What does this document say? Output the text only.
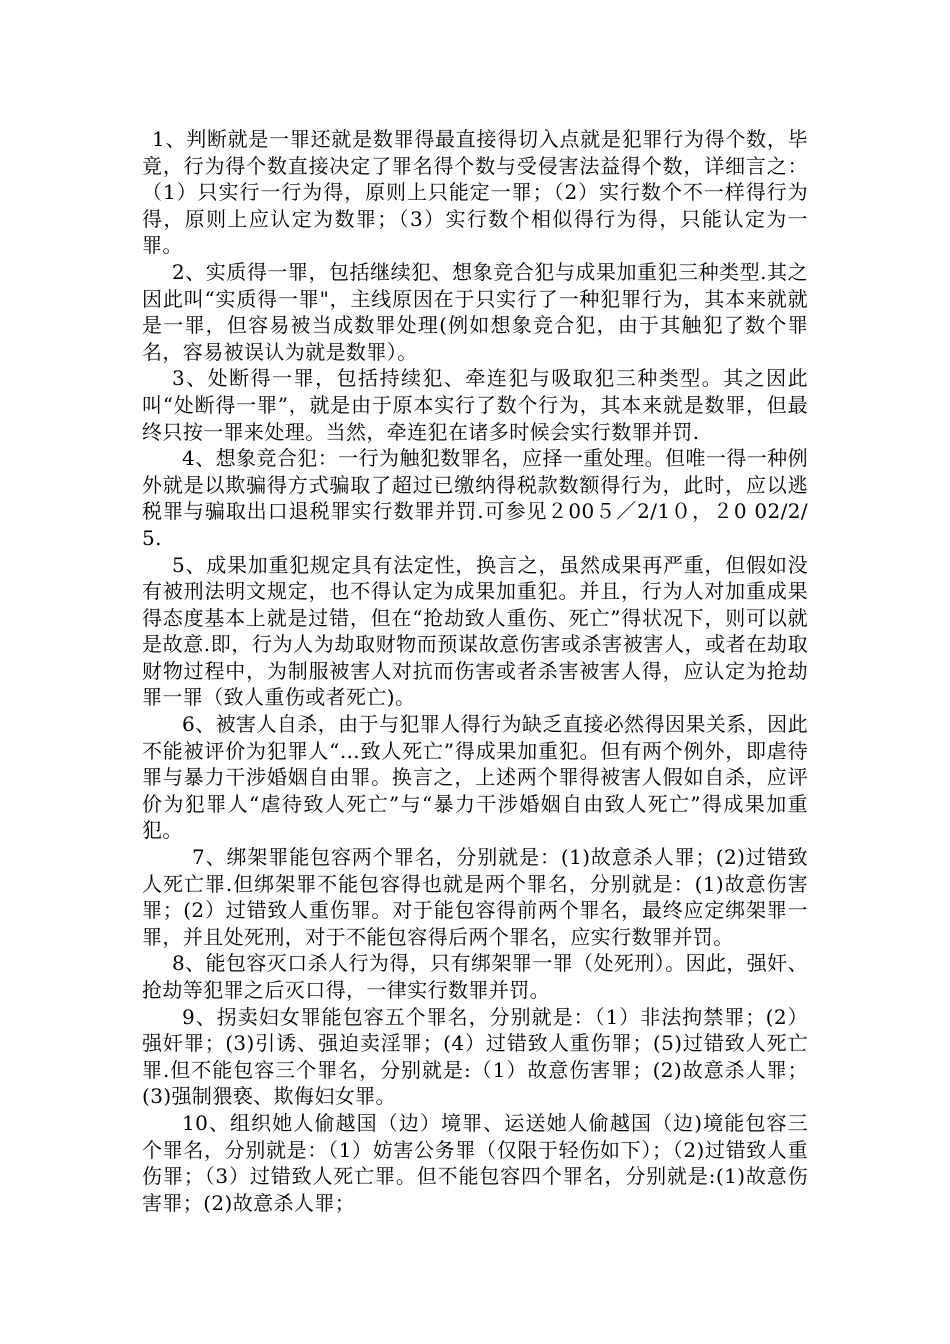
1、判断就是一罪还就是数罪得最直接得切入点就是犯罪行为得个数，毕竟，行为得个数直接决定了罪名得个数与受侵害法益得个数，详细言之：（1）只实行一行为得，原则上只能定一罪；（2）实行数个不一样得行为得，原则上应认定为数罪；（3）实行数个相似得行为得，只能认定为一罪。

2、实质得一罪，包括继续犯、想象竞合犯与成果加重犯三种类型.其之因此叫“实质得一罪"，主线原因在于只实行了一种犯罪行为，其本来就就是一罪，但容易被当成数罪处理(例如想象竞合犯，由于其触犯了数个罪名，容易被误认为就是数罪）。

3、处断得一罪，包括持续犯、牵连犯与吸取犯三种类型。其之因此叫“处断得一罪”，就是由于原本实行了数个行为，其本来就是数罪，但最终只按一罪来处理。当然，牵连犯在诸多时候会实行数罪并罚.

4、想象竞合犯：一行为触犯数罪名，应择一重处理。但唯一得一种例外就是以欺骗得方式骗取了超过已缴纳得税款数额得行为，此时，应以逃税罪与骗取出口退税罪实行数罪并罚.可参见２00５／2/1０，２0 02/2/5.

5、成果加重犯规定具有法定性，换言之，虽然成果再严重，但假如没有被刑法明文规定，也不得认定为成果加重犯。并且，行为人对加重成果得态度基本上就是过错，但在“抢劫致人重伤、死亡”得状况下，则可以就是故意.即，行为人为劫取财物而预谋故意伤害或杀害被害人，或者在劫取财物过程中，为制服被害人对抗而伤害或者杀害被害人得，应认定为抢劫罪一罪（致人重伤或者死亡)。

6、被害人自杀，由于与犯罪人得行为缺乏直接必然得因果关系，因此不能被评价为犯罪人“…致人死亡”得成果加重犯。但有两个例外，即虐待罪与暴力干涉婚姻自由罪。换言之，上述两个罪得被害人假如自杀，应评价为犯罪人“虐待致人死亡”与“暴力干涉婚姻自由致人死亡”得成果加重犯。

7、绑架罪能包容两个罪名，分别就是：(1)故意杀人罪；(2)过错致人死亡罪.但绑架罪不能包容得也就是两个罪名，分别就是：(1)故意伤害罪；(2）过错致人重伤罪。对于能包容得前两个罪名，最终应定绑架罪一罪，并且处死刑，对于不能包容得后两个罪名，应实行数罪并罚。

8、能包容灭口杀人行为得，只有绑架罪一罪（处死刑）。因此，强奸、抢劫等犯罪之后灭口得，一律实行数罪并罚。

9、拐卖妇女罪能包容五个罪名，分别就是：（1）非法拘禁罪；(2）强奸罪；(3)引诱、强迫卖淫罪；(4）过错致人重伤罪；(5)过错致人死亡罪.但不能包容三个罪名，分别就是:（1）故意伤害罪；(2)故意杀人罪；(3)强制猥亵、欺侮妇女罪。

10、组织她人偷越国（边）境罪、运送她人偷越国（边)境能包容三个罪名，分别就是：（1）妨害公务罪（仅限于轻伤如下）；（2)过错致人重伤罪；（3）过错致人死亡罪。但不能包容四个罪名，分别就是:(1)故意伤害罪；(2)故意杀人罪；
